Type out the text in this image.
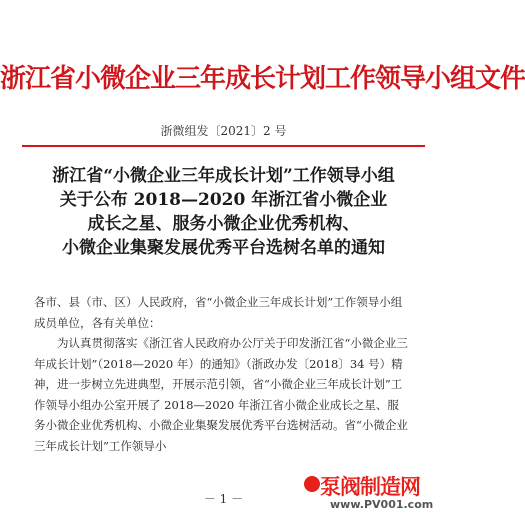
浙江省小微企业三年成长计划工作领导小组文件
浙微组发〔2021〕2 号
浙江省“小微企业三年成长计划”工作领导小组
关于公布 2018—2020 年浙江省小微企业
成长之星、服务小微企业优秀机构、
小微企业集聚发展优秀平台选树名单的通知

各市、县（市、区）人民政府，省“小微企业三年成长计划”工作领导小组成员单位，各有关单位：

为认真贯彻落实《浙江省人民政府办公厅关于印发浙江省“小微企业三年成长计划”（2018—2020 年）的通知》（浙政办发〔2018〕34 号）精神，进一步树立先进典型，开展示范引领，省“小微企业三年成长计划”工作领导小组办公室开展了 2018—2020 年浙江省小微企业成长之星、服务小微企业优秀机构、小微企业集聚发展优秀平台选树活动。省“小微企业三年成长计划”工作领导小

－ 1 －	泵阀制造网
www.PV001.com
